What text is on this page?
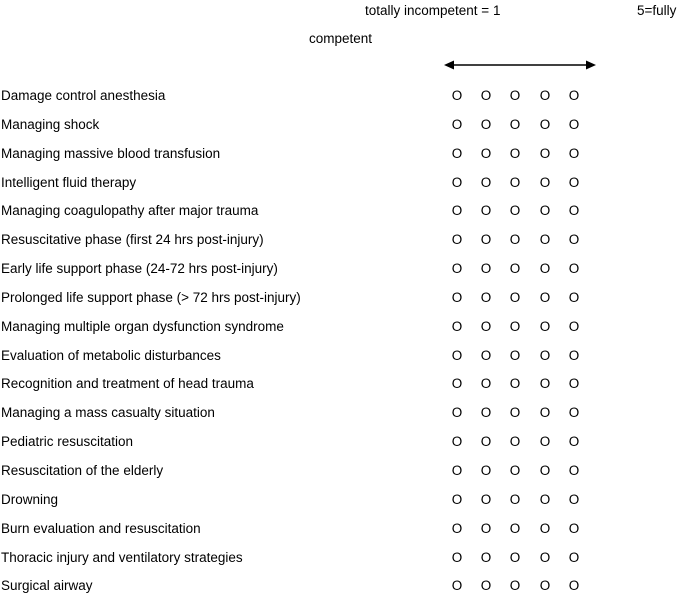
totally incompetent = 1	5=fully
competent
Damage control anesthesia	O O O O O
Managing shock	O O O O O
Managing massive blood transfusion	O O O O O
Intelligent fluid therapy	O O O O O
Managing coagulopathy after major trauma	O O O O O
Resuscitative phase (first 24 hrs post-injury)	O O O O O
Early life support phase (24-72 hrs post-injury)	O O O O O
Prolonged life support phase (> 72 hrs post-injury)	O O O O O
Managing multiple organ dysfunction syndrome	O O O O O
Evaluation of metabolic disturbances	O O O O O
Recognition and treatment of head trauma	O O O O O
Managing a mass casualty situation	O O O O O
Pediatric resuscitation	O O O O O
Resuscitation of the elderly	O O O O O
Drowning	O O O O O
Burn evaluation and resuscitation	O O O O O
Thoracic injury and ventilatory strategies	O O O O O
Surgical airway	O O O O O
